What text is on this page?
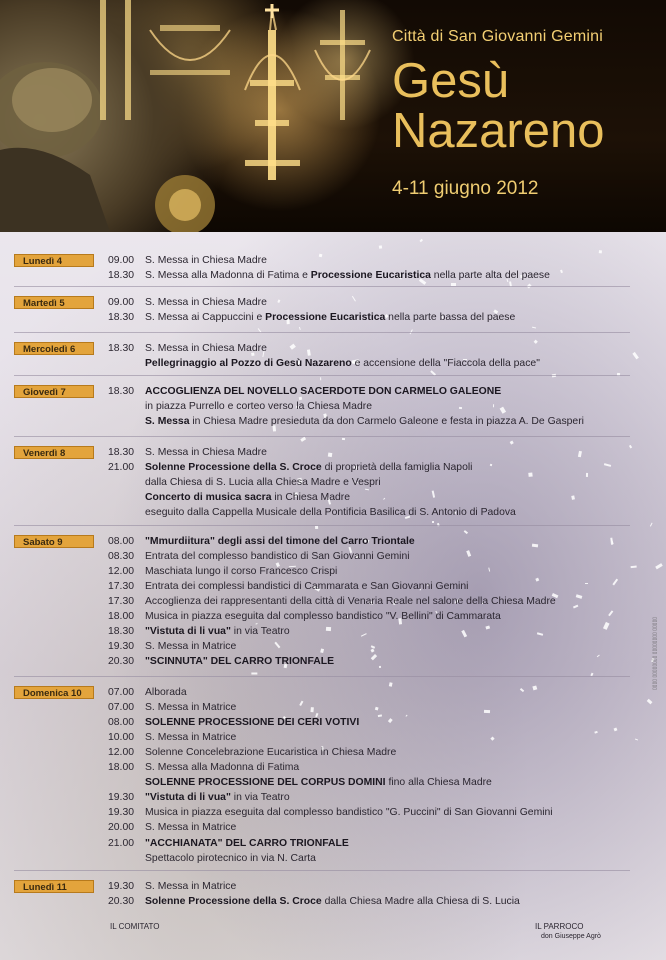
Città di San Giovanni Gemini
Gesù
Nazareno
4-11 giugno 2012
Lunedì 4	09.00 S. Messa in Chiesa Madre
18.30 S. Messa alla Madonna di Fatima e Processione Eucaristica nella parte alta del paese
Martedì 5	09.00 S. Messa in Chiesa Madre
18.30 S. Messa ai Cappuccini e Processione Eucaristica nella parte bassa del paese
Mercoledì 6	18.30 S. Messa in Chiesa Madre
Pellegrinaggio al Pozzo di Gesù Nazareno e accensione della "Fiaccola della pace"
Giovedì 7	18.30 ACCOGLIENZA DEL NOVELLO SACERDOTE DON CARMELO GALEONE
in piazza Purrello e corteo verso la Chiesa Madre
S. Messa in Chiesa Madre presieduta da don Carmelo Galeone e festa in piazza A. De Gasperi
Venerdì 8	18.30 S. Messa in Chiesa Madre
21.00 Solenne Processione della S. Croce di proprietà della famiglia Napoli
dalla Chiesa di S. Lucia alla Chiesa Madre e Vespri
Concerto di musica sacra in Chiesa Madre
eseguito dalla Cappella Musicale della Pontificia Basilica di S. Antonio di Padova
Sabato 9	08.00 "Mmurdiitura" degli assi del timone del Carro Triontale
08.30 Entrata del complesso bandistico di San Giovanni Gemini
12.00 Maschiata lungo il corso Francesco Crispi
17.30 Entrata dei complessi bandistici di Cammarata e San Giovanni Gemini
17.30 Accoglienza dei rappresentanti della città di Venaria Reale nel salone della Chiesa Madre
18.00 Musica in piazza eseguita dal complesso bandistico "V. Bellini" di Cammarata
18.30 "Vistuta di li vua" in via Teatro
19.30 S. Messa in Matrice
20.30 "SCINNUTA" DEL CARRO TRIONFALE
Domenica 10	07.00 Alborada
07.00 S. Messa in Matrice
08.00 SOLENNE PROCESSIONE DEI CERI VOTIVI
10.00 S. Messa in Matrice
12.00 Solenne Concelebrazione Eucaristica in Chiesa Madre
18.00 S. Messa alla Madonna di Fatima
SOLENNE PROCESSIONE DEL CORPUS DOMINI fino alla Chiesa Madre
19.30 "Vistuta di li vua" in via Teatro
19.30 Musica in piazza eseguita dal complesso bandistico "G. Puccini" di San Giovanni Gemini
20.00 S. Messa in Matrice
21.00 "ACCHIANATA" DEL CARRO TRIONFALE
Spettacolo pirotecnico in via N. Carta
Lunedì 11	19.30 S. Messa in Matrice
20.30 Solenne Processione della S. Croce dalla Chiesa Madre alla Chiesa di S. Lucia
▯▯▯▯ ▯▯▯▯▯▯▯▯ ▯▯▯▯▯▯▯▯ ▯▯▯▯▯
IL COMITATO	IL PARROCO
don Giuseppe Agrò
